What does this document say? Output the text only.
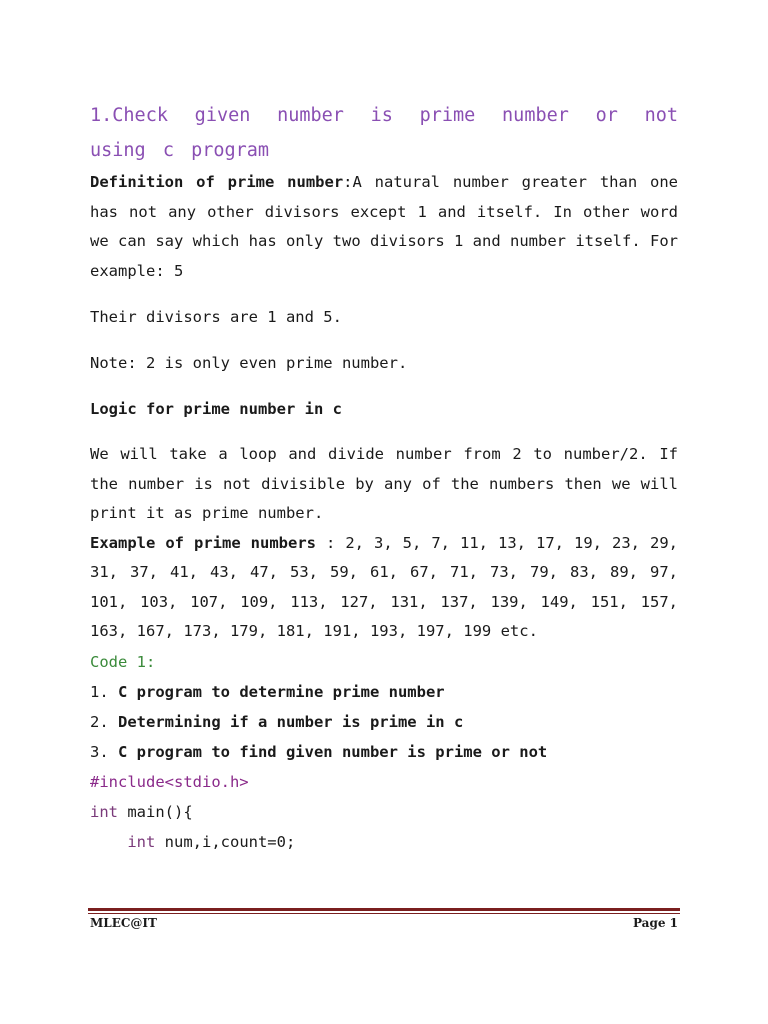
1.Check given number is prime number or not
using c program

Definition of prime number:A natural number greater than one has not any other divisors except 1 and itself. In other word we can say which has only two divisors 1 and number itself. For example: 5

Their divisors are 1 and 5.

Note: 2 is only even prime number.

Logic for prime number in c

We will take a loop and divide number from 2 to number/2. If the number is not divisible by any of the numbers then we will print it as prime number.

Example of prime numbers : 2, 3, 5, 7, 11, 13, 17, 19, 23, 29, 31, 37, 41, 43, 47, 53, 59, 61, 67, 71, 73, 79, 83, 89, 97, 101, 103, 107, 109, 113, 127, 131, 137, 139, 149, 151, 157, 163, 167, 173, 179, 181, 191, 193, 197, 199 etc.

Code 1:

1. C program to determine prime number

2. Determining if a number is prime in c

3. C program to find given number is prime or not

#include<stdio.h>

int main(){

int num,i,count=0;

MLEC@IT	Page 1
